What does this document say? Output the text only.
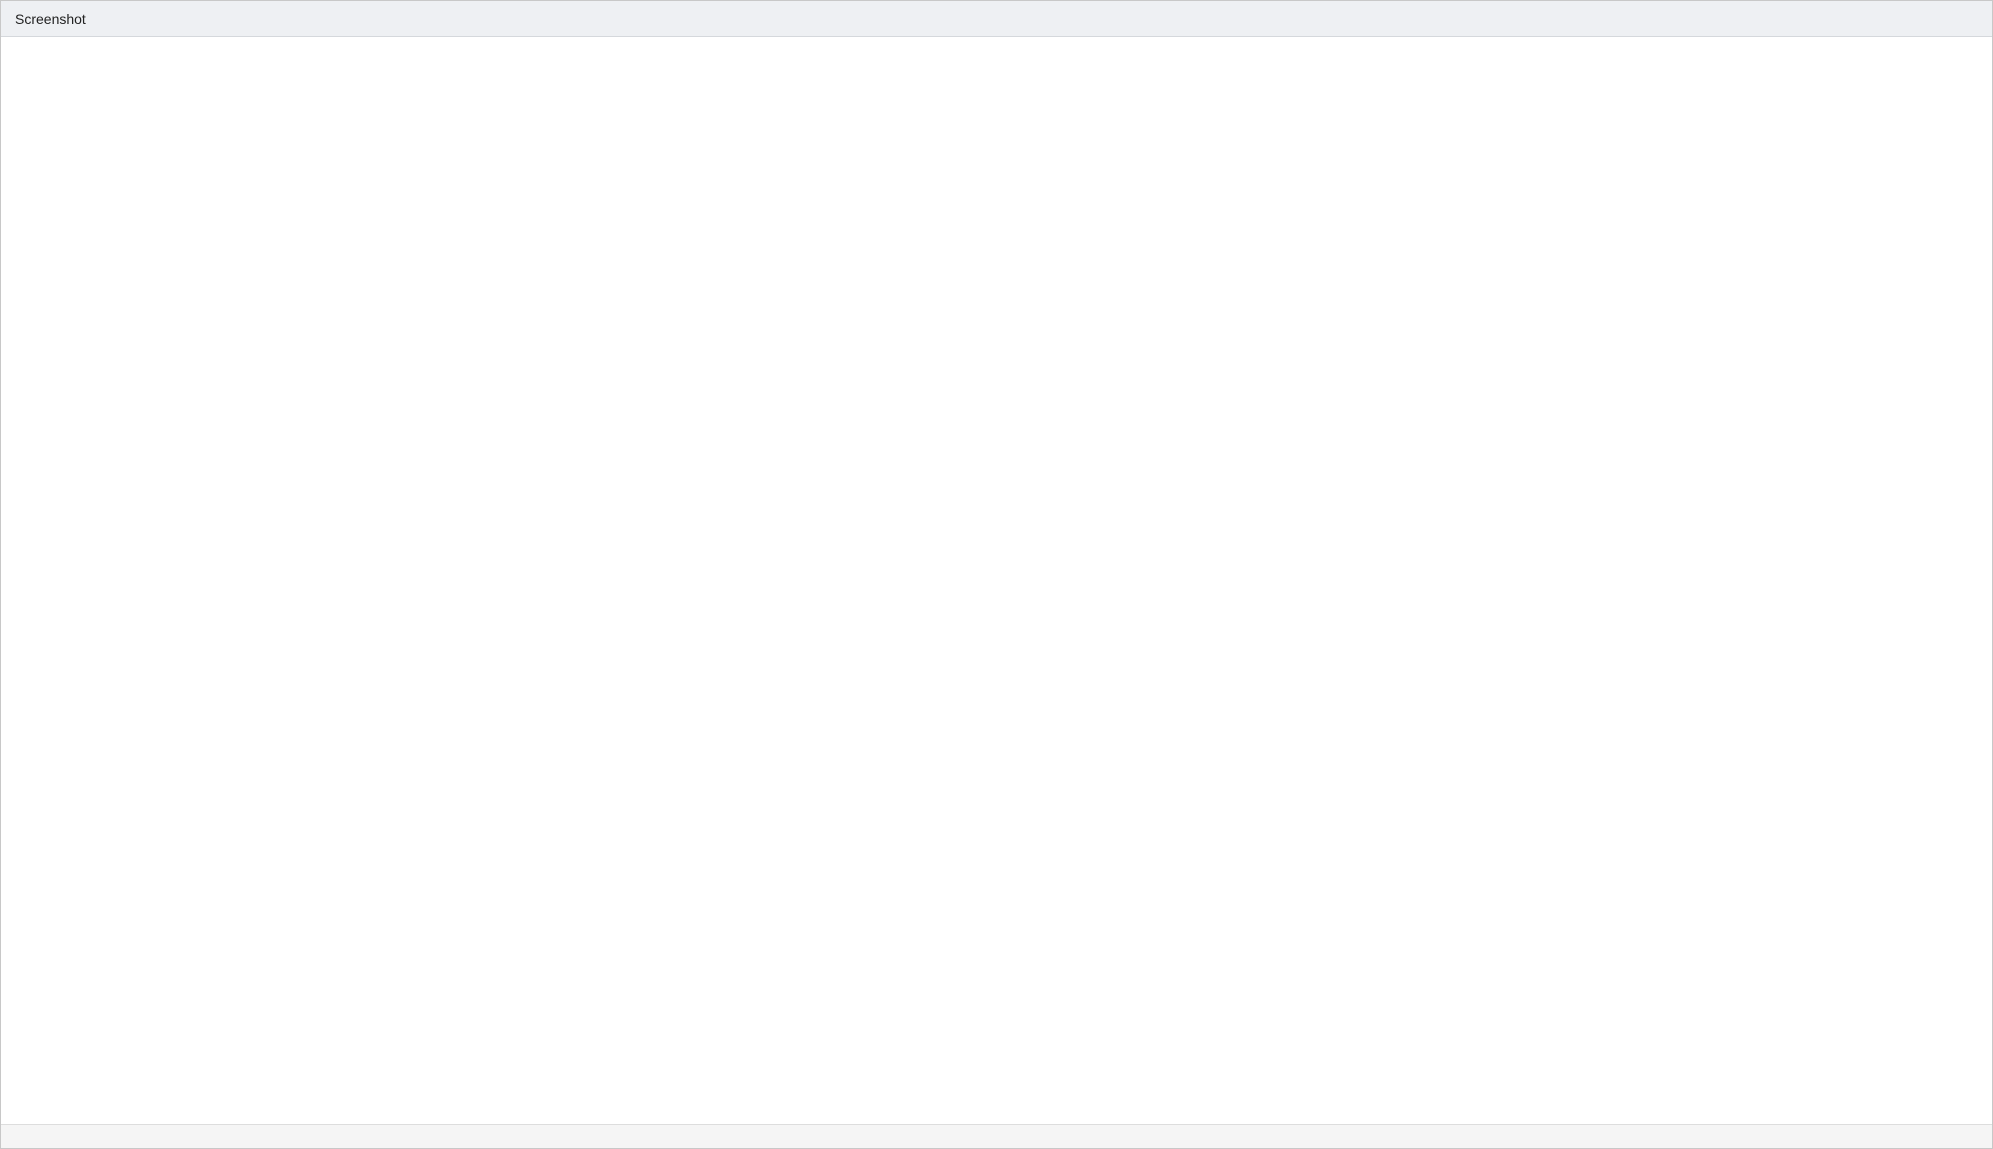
Screenshot
